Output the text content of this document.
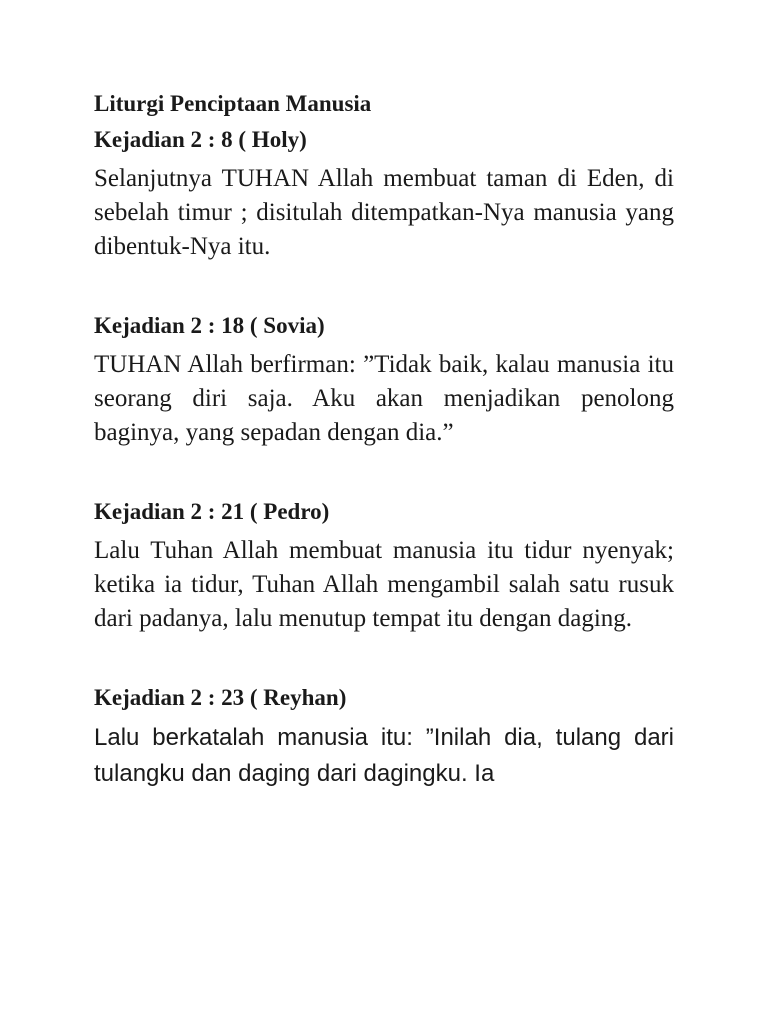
Liturgi Penciptaan Manusia
Kejadian 2 : 8 ( Holy)

Selanjutnya TUHAN Allah membuat taman di Eden, di sebelah timur ; disitulah ditempatkan-Nya manusia yang dibentuk-Nya itu.

Kejadian 2 : 18 ( Sovia)

TUHAN Allah berfirman: ”Tidak baik, kalau manusia itu seorang diri saja. Aku akan menjadikan penolong baginya, yang sepadan dengan dia.”

Kejadian 2 : 21 ( Pedro)

Lalu Tuhan Allah membuat manusia itu tidur nyenyak; ketika ia tidur, Tuhan Allah mengambil salah satu rusuk dari padanya, lalu menutup tempat itu dengan daging.

Kejadian 2 : 23 ( Reyhan)

Lalu berkatalah manusia itu: ”Inilah dia, tulang dari tulangku dan daging dari dagingku. Ia
